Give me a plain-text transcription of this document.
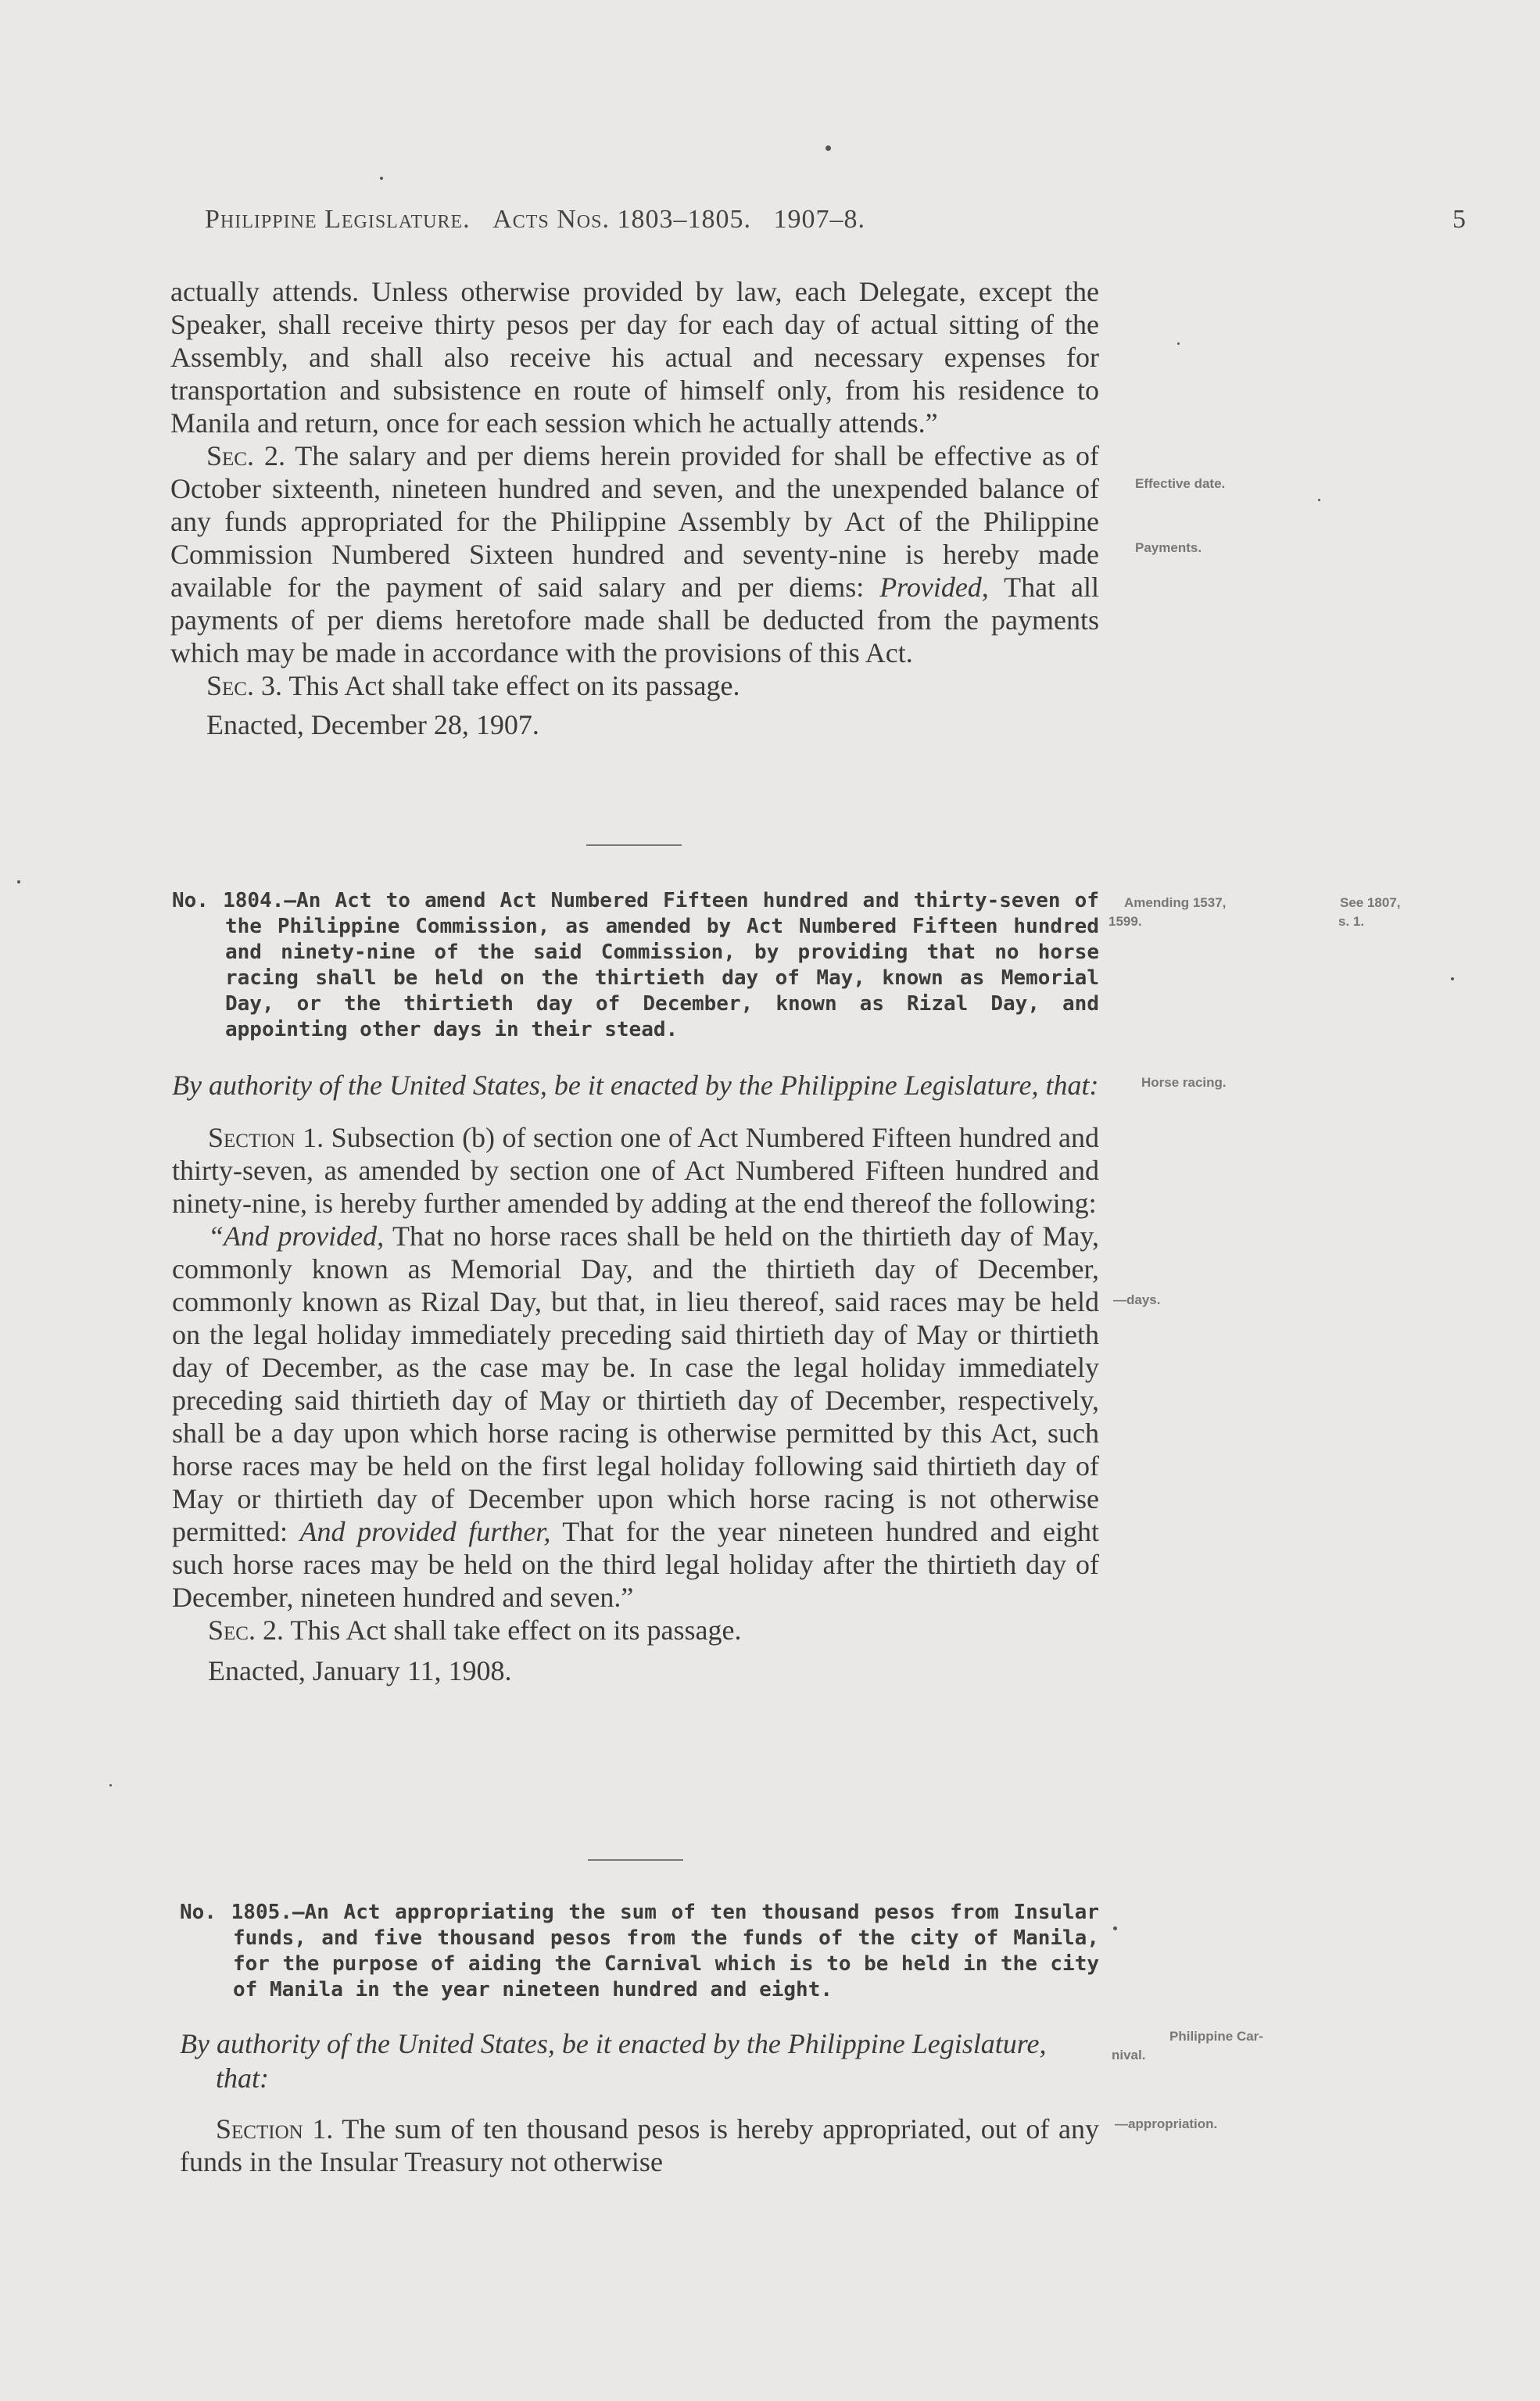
Philippine Legislature. Acts Nos. 1803–1805. 1907–8.	5

actually attends. Unless otherwise provided by law, each Delegate, except the Speaker, shall receive thirty pesos per day for each day of actual sitting of the Assembly, and shall also receive his actual and necessary expenses for transportation and subsistence en route of himself only, from his residence to Manila and return, once for each session which he actually attends.”

Sec. 2. The salary and per diems herein provided for shall be effective as of October sixteenth, nineteen hundred and seven, and the unexpended balance of any funds appropriated for the Philippine Assembly by Act of the Philippine Commission Numbered Sixteen hundred and seventy-nine is hereby made available for the payment of said salary and per diems: Provided, That all payments of per diems heretofore made shall be deducted from the payments which may be made in accordance with the provisions of this Act.

Sec. 3. This Act shall take effect on its passage.

Enacted, December 28, 1907.

No. 1804.—An Act to amend Act Numbered Fifteen hundred and thirty-seven of the Philippine Commission, as amended by Act Numbered Fifteen hundred and ninety-nine of the said Commission, by providing that no horse racing shall be held on the thirtieth day of May, known as Memorial Day, or the thirtieth day of December, known as Rizal Day, and appointing other days in their stead.

By authority of the United States, be it enacted by the Philippine Legislature, that:

Section 1. Subsection (b) of section one of Act Numbered Fifteen hundred and thirty-seven, as amended by section one of Act Numbered Fifteen hundred and ninety-nine, is hereby further amended by adding at the end thereof the following:

“And provided, That no horse races shall be held on the thirtieth day of May, commonly known as Memorial Day, and the thirtieth day of December, commonly known as Rizal Day, but that, in lieu thereof, said races may be held on the legal holiday immediately preceding said thirtieth day of May or thirtieth day of December, as the case may be. In case the legal holiday immediately preceding said thirtieth day of May or thirtieth day of December, respectively, shall be a day upon which horse racing is otherwise permitted by this Act, such horse races may be held on the first legal holiday following said thirtieth day of May or thirtieth day of December upon which horse racing is not otherwise permitted: And provided further, That for the year nineteen hundred and eight such horse races may be held on the third legal holiday after the thirtieth day of December, nineteen hundred and seven.”

Sec. 2. This Act shall take effect on its passage.

Enacted, January 11, 1908.

No. 1805.—An Act appropriating the sum of ten thousand pesos from Insular funds, and five thousand pesos from the funds of the city of Manila, for the purpose of aiding the Carnival which is to be held in the city of Manila in the year nineteen hundred and eight.

By authority of the United States, be it enacted by the Philippine Legislature, that:

Section 1. The sum of ten thousand pesos is hereby appropriated, out of any funds in the Insular Treasury not otherwise

Effective date.
Payments.
Amending 1537,
1599.
See 1807,
s. 1.
Horse racing.
—days.
Philippine Car-
nival.
—appropriation.
